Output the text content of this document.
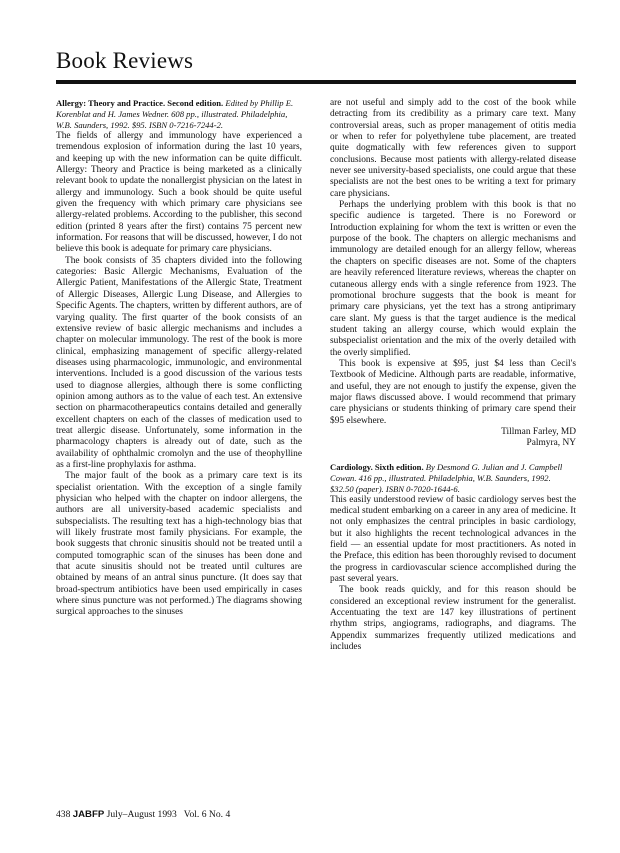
Book Reviews

Allergy: Theory and Practice. Second edition. Edited by Phillip E. Korenblat and H. James Wedner. 608 pp., illustrated. Philadelphia, W.B. Saunders, 1992. $95. ISBN 0-7216-7244-2.

The fields of allergy and immunology have experienced a tremendous explosion of information during the last 10 years, and keeping up with the new information can be quite difficult. Allergy: Theory and Practice is being marketed as a clinically relevant book to update the nonallergist physician on the latest in allergy and immunology. Such a book should be quite useful given the frequency with which primary care physicians see allergy-related problems. According to the publisher, this second edition (printed 8 years after the first) contains 75 percent new information. For reasons that will be discussed, however, I do not believe this book is adequate for primary care physicians.

The book consists of 35 chapters divided into the following categories: Basic Allergic Mechanisms, Evaluation of the Allergic Patient, Manifestations of the Allergic State, Treatment of Allergic Diseases, Allergic Lung Disease, and Allergies to Specific Agents. The chapters, written by different authors, are of varying quality. The first quarter of the book consists of an extensive review of basic allergic mechanisms and includes a chapter on molecular immunology. The rest of the book is more clinical, emphasizing management of specific allergy-related diseases using pharmacologic, immunologic, and environmental interventions. Included is a good discussion of the various tests used to diagnose allergies, although there is some conflicting opinion among authors as to the value of each test. An extensive section on pharmacotherapeutics contains detailed and generally excellent chapters on each of the classes of medication used to treat allergic disease. Unfortunately, some information in the pharmacology chapters is already out of date, such as the availability of ophthalmic cromolyn and the use of theophylline as a first-line prophylaxis for asthma.

The major fault of the book as a primary care text is its specialist orientation. With the exception of a single family physician who helped with the chapter on indoor allergens, the authors are all university-based academic specialists and subspecialists. The resulting text has a high-technology bias that will likely frustrate most family physicians. For example, the book suggests that chronic sinusitis should not be treated until a computed tomographic scan of the sinuses has been done and that acute sinusitis should not be treated until cultures are obtained by means of an antral sinus puncture. (It does say that broad-spectrum antibiotics have been used empirically in cases where sinus puncture was not performed.) The diagrams showing surgical approaches to the sinuses

are not useful and simply add to the cost of the book while detracting from its credibility as a primary care text. Many controversial areas, such as proper management of otitis media or when to refer for polyethylene tube placement, are treated quite dogmatically with few references given to support conclusions. Because most patients with allergy-related disease never see university-based specialists, one could argue that these specialists are not the best ones to be writing a text for primary care physicians.

Perhaps the underlying problem with this book is that no specific audience is targeted. There is no Foreword or Introduction explaining for whom the text is written or even the purpose of the book. The chapters on allergic mechanisms and immunology are detailed enough for an allergy fellow, whereas the chapters on specific diseases are not. Some of the chapters are heavily referenced literature reviews, whereas the chapter on cutaneous allergy ends with a single reference from 1923. The promotional brochure suggests that the book is meant for primary care physicians, yet the text has a strong antiprimary care slant. My guess is that the target audience is the medical student taking an allergy course, which would explain the subspecialist orientation and the mix of the overly detailed with the overly simplified.

This book is expensive at $95, just $4 less than Cecil's Textbook of Medicine. Although parts are readable, informative, and useful, they are not enough to justify the expense, given the major flaws discussed above. I would recommend that primary care physicians or students thinking of primary care spend their $95 elsewhere.

Tillman Farley, MD

Palmyra, NY

Cardiology. Sixth edition. By Desmond G. Julian and J. Campbell Cowan. 416 pp., illustrated. Philadelphia, W.B. Saunders, 1992. $32.50 (paper). ISBN 0-7020-1644-6.

This easily understood review of basic cardiology serves best the medical student embarking on a career in any area of medicine. It not only emphasizes the central principles in basic cardiology, but it also highlights the recent technological advances in the field — an essential update for most practitioners. As noted in the Preface, this edition has been thoroughly revised to document the progress in cardiovascular science accomplished during the past several years.

The book reads quickly, and for this reason should be considered an exceptional review instrument for the generalist. Accentuating the text are 147 key illustrations of pertinent rhythm strips, angiograms, radiographs, and diagrams. The Appendix summarizes frequently utilized medications and includes

438 JABFP July–August 1993   Vol. 6 No. 4
